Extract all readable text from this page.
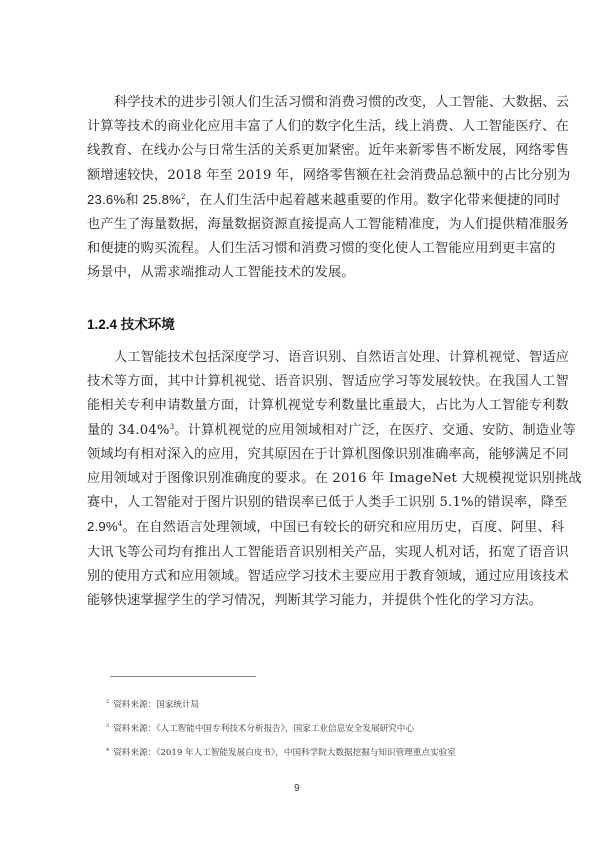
科学技术的进步引领人们生活习惯和消费习惯的改变，人工智能、大数据、云
计算等技术的商业化应用丰富了人们的数字化生活，线上消费、人工智能医疗、在
线教育、在线办公与日常生活的关系更加紧密。近年来新零售不断发展，网络零售
额增速较快，2018 年至 2019 年，网络零售额在社会消费品总额中的占比分别为
23.6%和 25.8%$^2$，在人们生活中起着越来越重要的作用。数字化带来便捷的同时
也产生了海量数据，海量数据资源直接提高人工智能精准度，为人们提供精准服务
和便捷的购买流程。人们生活习惯和消费习惯的变化使人工智能应用到更丰富的
场景中，从需求端推动人工智能技术的发展。
1.2.4 技术环境
人工智能技术包括深度学习、语音识别、自然语言处理、计算机视觉、智适应
技术等方面，其中计算机视觉、语音识别、智适应学习等发展较快。在我国人工智
能相关专利申请数量方面，计算机视觉专利数量比重最大，占比为人工智能专利数
量的 34.04%$^3$。计算机视觉的应用领域相对广泛，在医疗、交通、安防、制造业等
领域均有相对深入的应用，究其原因在于计算机图像识别准确率高，能够满足不同
应用领域对于图像识别准确度的要求。在 2016 年 ImageNet 大规模视觉识别挑战
赛中，人工智能对于图片识别的错误率已低于人类手工识别 5.1%的错误率，降至
2.9%$^4$。在自然语言处理领域，中国已有较长的研究和应用历史，百度、阿里、科
大讯飞等公司均有推出人工智能语音识别相关产品，实现人机对话，拓宽了语音识
别的使用方式和应用领域。智适应学习技术主要应用于教育领域，通过应用该技术
能够快速掌握学生的学习情况，判断其学习能力，并提供个性化的学习方法。
$^2$ 资料来源：国家统计局
$^3$ 资料来源：《人工智能中国专利技术分析报告》，国家工业信息安全发展研究中心
$^4$ 资料来源：《2019 年人工智能发展白皮书》，中国科学院大数据挖掘与知识管理重点实验室
9
